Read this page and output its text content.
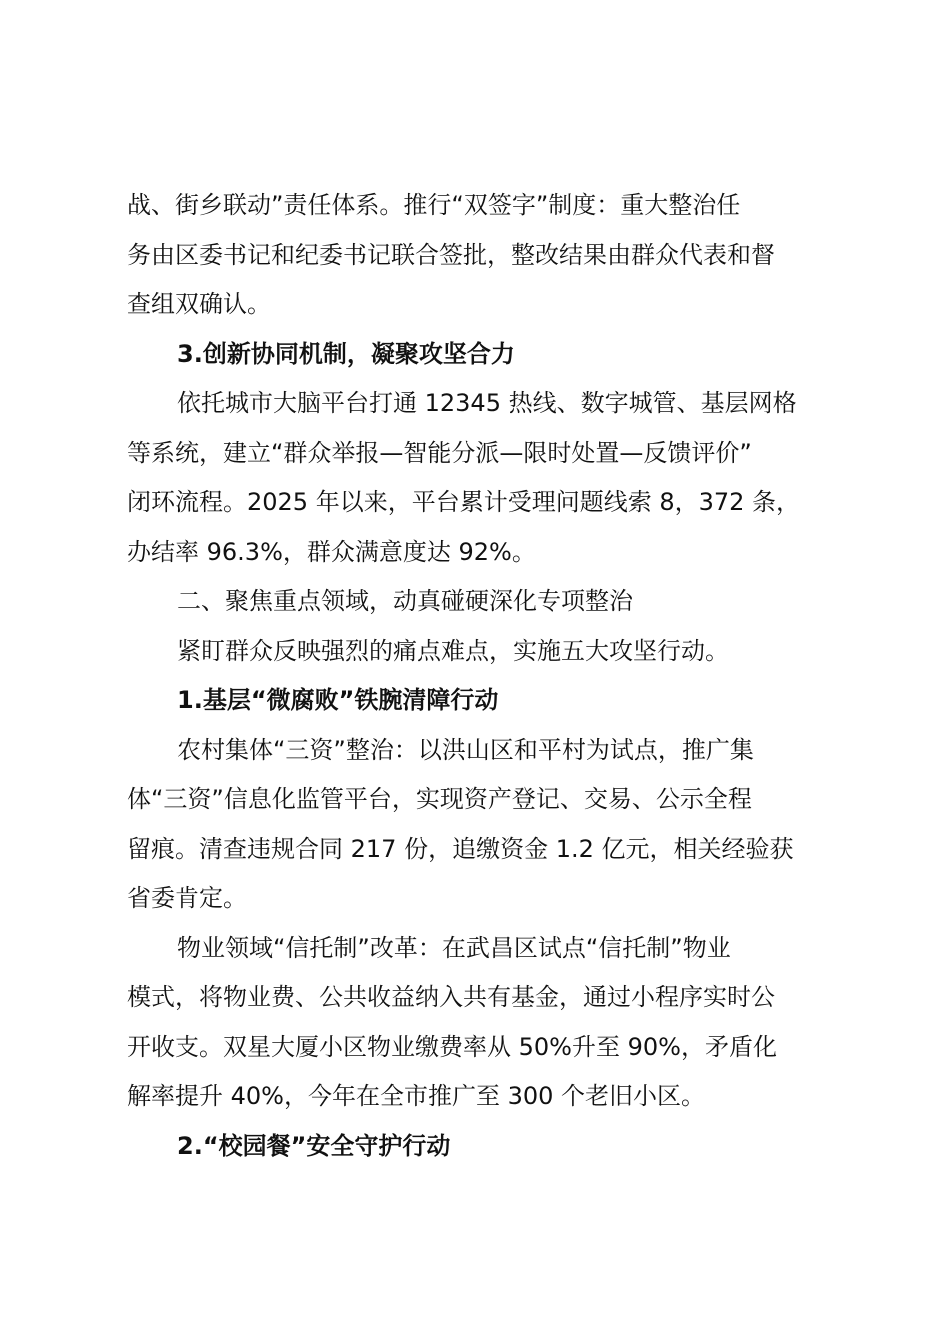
战、街乡联动”责任体系。推行“双签字”制度：重大整治任
务由区委书记和纪委书记联合签批，整改结果由群众代表和督
查组双确认。
3.创新协同机制，凝聚攻坚合力
依托城市大脑平台打通 12345 热线、数字城管、基层网格
等系统，建立“群众举报—智能分派—限时处置—反馈评价”
闭环流程。2025 年以来，平台累计受理问题线索 8，372 条，
办结率 96.3%，群众满意度达 92%。
二、聚焦重点领域，动真碰硬深化专项整治
紧盯群众反映强烈的痛点难点，实施五大攻坚行动。
1.基层“微腐败”铁腕清障行动
农村集体“三资”整治：以洪山区和平村为试点，推广集
体“三资”信息化监管平台，实现资产登记、交易、公示全程
留痕。清查违规合同 217 份，追缴资金 1.2 亿元，相关经验获
省委肯定。
物业领域“信托制”改革：在武昌区试点“信托制”物业
模式，将物业费、公共收益纳入共有基金，通过小程序实时公
开收支。双星大厦小区物业缴费率从 50%升至 90%，矛盾化
解率提升 40%，今年在全市推广至 300 个老旧小区。
2.“校园餐”安全守护行动
